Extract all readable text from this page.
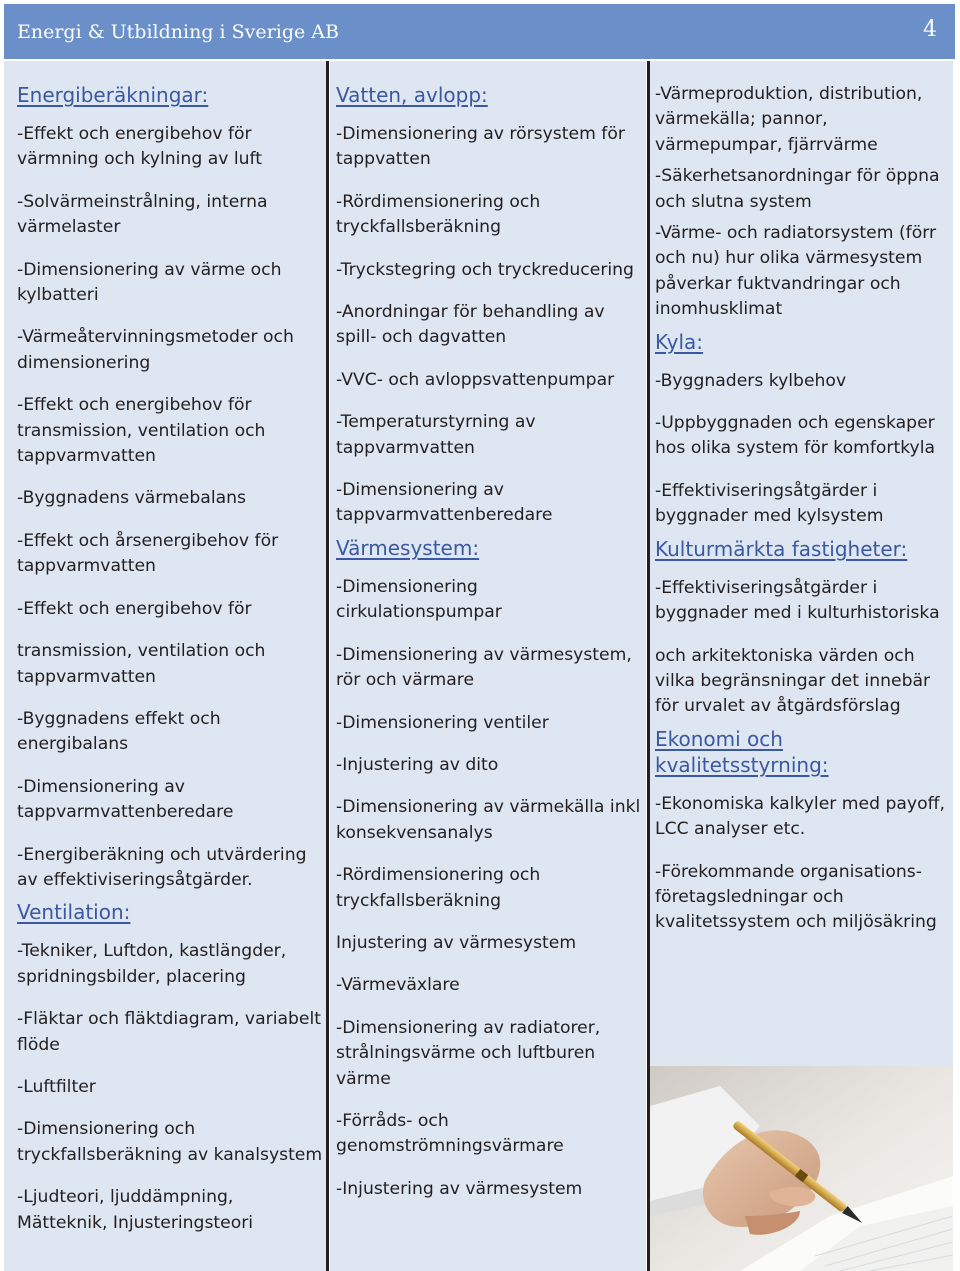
Energi & Utbildning i Sverige AB	4
Energiberäkningar:
-Effekt och energibehov för värmning och kylning av luft
-Solvärmeinstrålning, interna värmelaster
-Dimensionering av värme och kylbatteri
-Värmeåtervinningsmetoder och dimensionering
-Effekt och energibehov för transmission, ventilation och tappvarmvatten
-Byggnadens värmebalans
-Effekt och årsenergibehov för tappvarmvatten
-Effekt och energibehov för
transmission, ventilation och tappvarmvatten
-Byggnadens effekt och energibalans
-Dimensionering av tappvarmvattenberedare
-Energiberäkning och utvärdering av effektiviseringsåtgärder.
Ventilation:
-Tekniker, Luftdon, kastlängder, spridningsbilder, placering
-Fläktar och fläktdiagram, variabelt flöde
-Luftfilter
-Dimensionering och tryckfallsberäkning av kanalsystem
-Ljudteori, ljuddämpning, Mätteknik, Injusteringsteori
Vatten, avlopp:
-Dimensionering av rörsystem för tappvatten
-Rördimensionering och tryckfallsberäkning
-Tryckstegring och tryckreducering
-Anordningar för behandling av spill- och dagvatten
-VVC- och avloppsvattenpumpar
-Temperaturstyrning av tappvarmvatten
-Dimensionering av tappvarmvattenberedare
Värmesystem:
-Dimensionering cirkulationspumpar
-Dimensionering av värmesystem, rör och värmare
-Dimensionering ventiler
-Injustering av dito
-Dimensionering av värmekälla inkl konsekvensanalys
-Rördimensionering och tryckfallsberäkning
Injustering av värmesystem
-Värmeväxlare
-Dimensionering av radiatorer, strålningsvärme och luftburen värme
-Förråds- och genomströmningsvärmare
-Injustering av värmesystem
-Värmeproduktion, distribution, värmekälla; pannor, värmepumpar, fjärrvärme
-Säkerhetsanordningar för öppna och slutna system
-Värme- och radiatorsystem (förr och nu) hur olika värmesystem påverkar fuktvandringar och inomhusklimat
Kyla:
-Byggnaders kylbehov
-Uppbyggnaden och egenskaper hos olika system för komfortkyla
-Effektiviseringsåtgärder i byggnader med kylsystem
Kulturmärkta fastigheter:
-Effektiviseringsåtgärder i byggnader med i kulturhistoriska
och arkitektoniska värden och vilka begränsningar det innebär för urvalet av åtgärdsförslag
Ekonomi och kvalitetsstyrning:
-Ekonomiska kalkyler med payoff, LCC analyser etc.
-Förekommande organisations-företagsledningar och kvalitetssystem och miljösäkring
